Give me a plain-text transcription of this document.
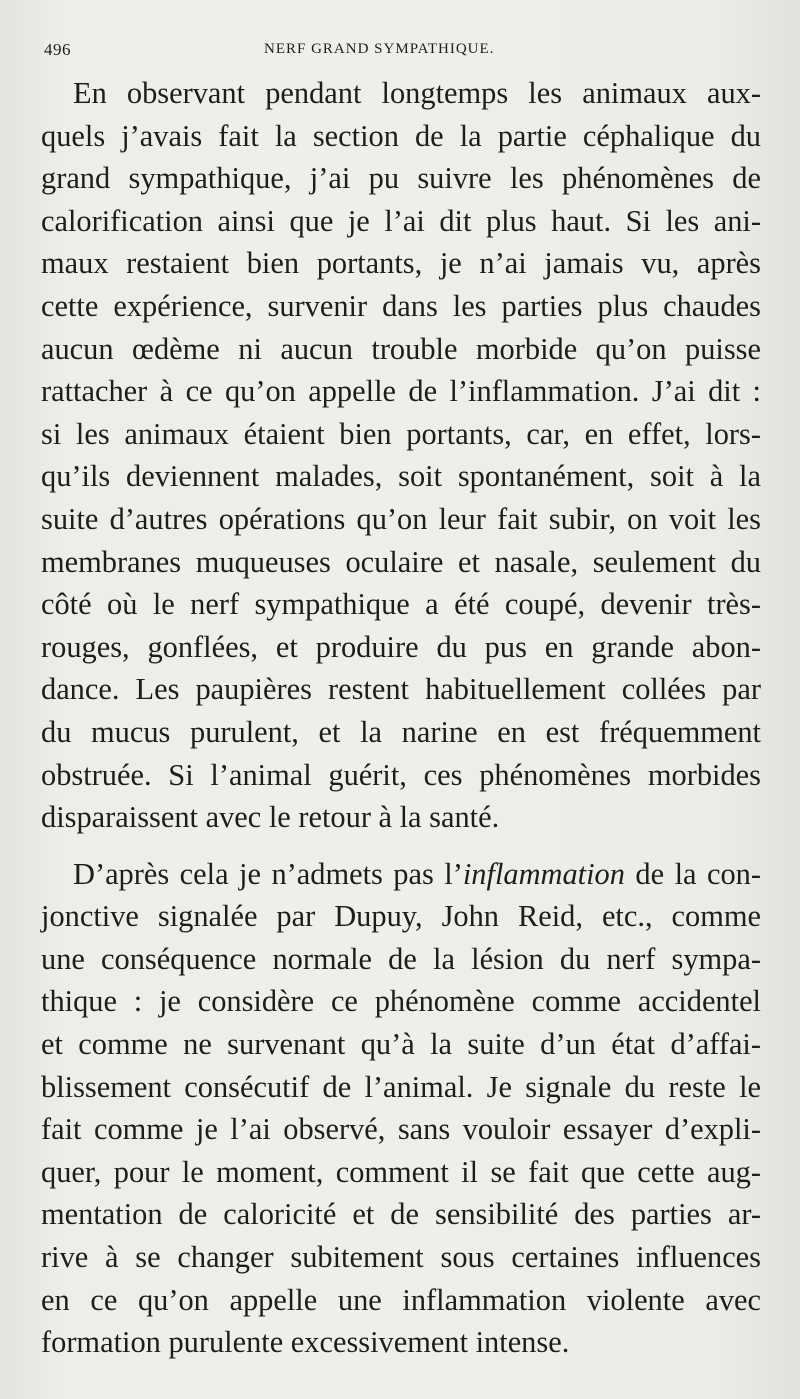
496	NERF GRAND SYMPATHIQUE.
En observant pendant longtemps les animaux aux-
quels j’avais fait la section de la partie céphalique du
grand sympathique, j’ai pu suivre les phénomènes de
calorification ainsi que je l’ai dit plus haut. Si les ani-
maux restaient bien portants, je n’ai jamais vu, après
cette expérience, survenir dans les parties plus chaudes
aucun œdème ni aucun trouble morbide qu’on puisse
rattacher à ce qu’on appelle de l’inflammation. J’ai dit :
si les animaux étaient bien portants, car, en effet, lors-
qu’ils deviennent malades, soit spontanément, soit à la
suite d’autres opérations qu’on leur fait subir, on voit les
membranes muqueuses oculaire et nasale, seulement du
côté où le nerf sympathique a été coupé, devenir très-
rouges, gonflées, et produire du pus en grande abon-
dance. Les paupières restent habituellement collées par
du mucus purulent, et la narine en est fréquemment
obstruée. Si l’animal guérit, ces phénomènes morbides
disparaissent avec le retour à la santé.
D’après cela je n’admets pas l’inflammation de la con-
jonctive signalée par Dupuy, John Reid, etc., comme
une conséquence normale de la lésion du nerf sympa-
thique : je considère ce phénomène comme accidentel
et comme ne survenant qu’à la suite d’un état d’affai-
blissement consécutif de l’animal. Je signale du reste le
fait comme je l’ai observé, sans vouloir essayer d’expli-
quer, pour le moment, comment il se fait que cette aug-
mentation de caloricité et de sensibilité des parties ar-
rive à se changer subitement sous certaines influences
en ce qu’on appelle une inflammation violente avec
formation purulente excessivement intense.
